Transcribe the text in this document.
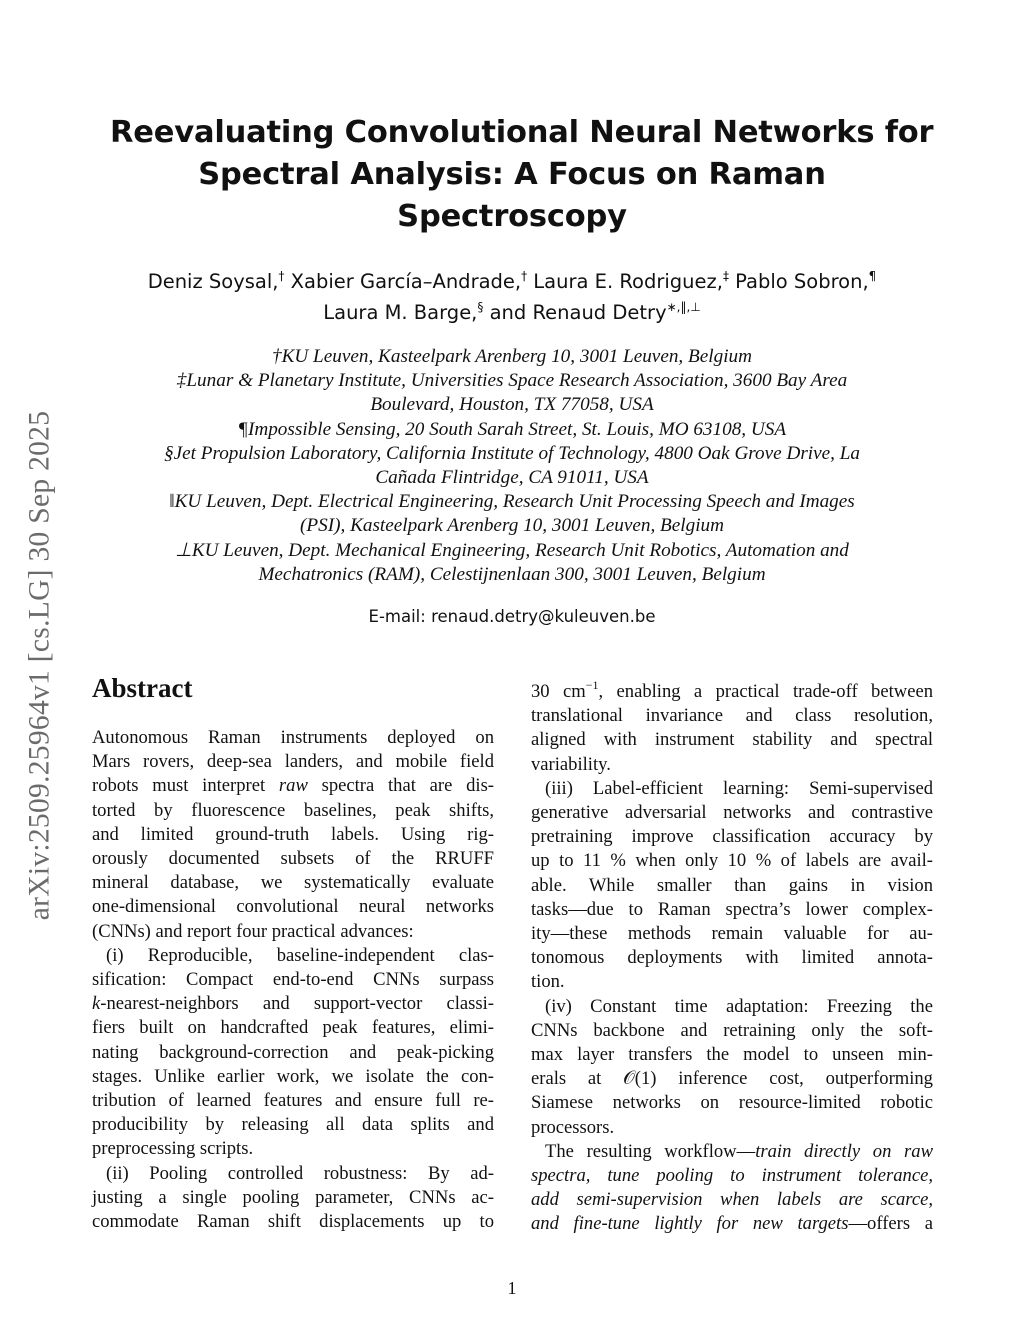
arXiv:2509.25964v1 [cs.LG] 30 Sep 2025
Reevaluating Convolutional Neural Networks for
Spectral Analysis: A Focus on Raman
Spectroscopy
Deniz Soysal,† Xabier García–Andrade,† Laura E. Rodriguez,‡ Pablo Sobron,¶
Laura M. Barge,§ and Renaud Detry∗,‖,⊥
†KU Leuven, Kasteelpark Arenberg 10, 3001 Leuven, Belgium
‡Lunar & Planetary Institute, Universities Space Research Association, 3600 Bay Area
Boulevard, Houston, TX 77058, USA
¶Impossible Sensing, 20 South Sarah Street, St. Louis, MO 63108, USA
§Jet Propulsion Laboratory, California Institute of Technology, 4800 Oak Grove Drive, La
Cañada Flintridge, CA 91011, USA
‖KU Leuven, Dept. Electrical Engineering, Research Unit Processing Speech and Images
(PSI), Kasteelpark Arenberg 10, 3001 Leuven, Belgium
⊥KU Leuven, Dept. Mechanical Engineering, Research Unit Robotics, Automation and
Mechatronics (RAM), Celestijnenlaan 300, 3001 Leuven, Belgium
E-mail: renaud.detry@kuleuven.be
Abstract
Autonomous Raman instruments deployed on
Mars rovers, deep-sea landers, and mobile field
robots must interpret raw spectra that are dis-
torted by fluorescence baselines, peak shifts,
and limited ground-truth labels. Using rig-
orously documented subsets of the RRUFF
mineral database, we systematically evaluate
one-dimensional convolutional neural networks
(CNNs) and report four practical advances:
(i) Reproducible, baseline-independent clas-
sification: Compact end-to-end CNNs surpass
k-nearest-neighbors and support-vector classi-
fiers built on handcrafted peak features, elimi-
nating background-correction and peak-picking
stages. Unlike earlier work, we isolate the con-
tribution of learned features and ensure full re-
producibility by releasing all data splits and
preprocessing scripts.
(ii) Pooling controlled robustness: By ad-
justing a single pooling parameter, CNNs ac-
commodate Raman shift displacements up to
30 $cm^{-1}$, enabling a practical trade-off between
translational invariance and class resolution,
aligned with instrument stability and spectral
variability.
(iii) Label-efficient learning: Semi-supervised
generative adversarial networks and contrastive
pretraining improve classification accuracy by
up to 11 % when only 10 % of labels are avail-
able. While smaller than gains in vision
tasks—due to Raman spectra’s lower complex-
ity—these methods remain valuable for au-
tonomous deployments with limited annota-
tion.
(iv) Constant time adaptation: Freezing the
CNNs backbone and retraining only the soft-
max layer transfers the model to unseen min-
erals at 𝒪(1) inference cost, outperforming
Siamese networks on resource-limited robotic
processors.
The resulting workflow—train directly on raw
spectra, tune pooling to instrument tolerance,
add semi-supervision when labels are scarce,
and fine-tune lightly for new targets—offers a
1
